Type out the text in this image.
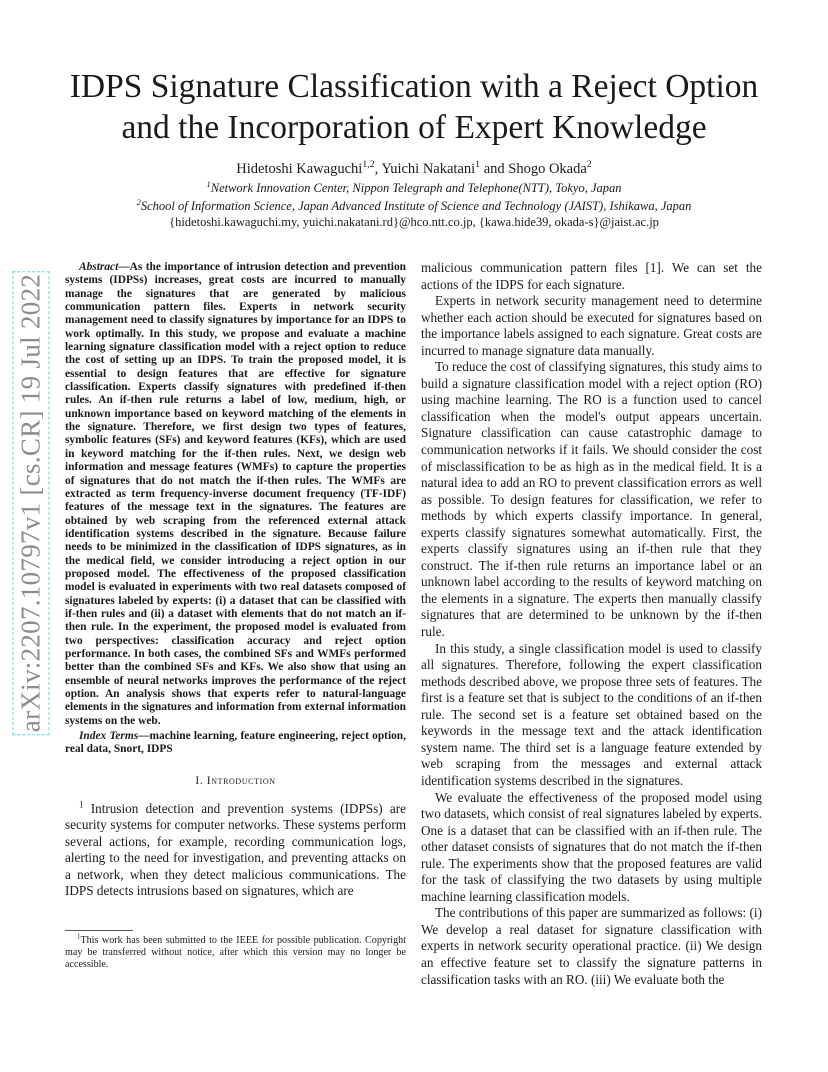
IDPS Signature Classification with a Reject Option
and the Incorporation of Expert Knowledge
Hidetoshi Kawaguchi$^{1,2}$, Yuichi Nakatani$^1$ and Shogo Okada$^2$
$^1$Network Innovation Center, Nippon Telegraph and Telephone(NTT), Tokyo, Japan
$^2$School of Information Science, Japan Advanced Institute of Science and Technology (JAIST), Ishikawa, Japan
{hidetoshi.kawaguchi.my, yuichi.nakatani.rd}@hco.ntt.co.jp, {kawa.hide39, okada-s}@jaist.ac.jp
arXiv:2207.10797v1 [cs.CR] 19 Jul 2022

Abstract—As the importance of intrusion detection and prevention systems (IDPSs) increases, great costs are incurred to manually manage the signatures that are generated by malicious communication pattern files. Experts in network security management need to classify signatures by importance for an IDPS to work optimally. In this study, we propose and evaluate a machine learning signature classification model with a reject option to reduce the cost of setting up an IDPS. To train the proposed model, it is essential to design features that are effective for signature classification. Experts classify signatures with predefined if-then rules. An if-then rule returns a label of low, medium, high, or unknown importance based on keyword matching of the elements in the signature. Therefore, we first design two types of features, symbolic features (SFs) and keyword features (KFs), which are used in keyword matching for the if-then rules. Next, we design web information and message features (WMFs) to capture the properties of signatures that do not match the if-then rules. The WMFs are extracted as term frequency-inverse document frequency (TF-IDF) features of the message text in the signatures. The features are obtained by web scraping from the referenced external attack identification systems described in the signature. Because failure needs to be minimized in the classification of IDPS signatures, as in the medical field, we consider introducing a reject option in our proposed model. The effectiveness of the proposed classification model is evaluated in experiments with two real datasets composed of signatures labeled by experts: (i) a dataset that can be classified with if-then rules and (ii) a dataset with elements that do not match an if-then rule. In the experiment, the proposed model is evaluated from two perspectives: classification accuracy and reject option performance. In both cases, the combined SFs and WMFs performed better than the combined SFs and KFs. We also show that using an ensemble of neural networks improves the performance of the reject option. An analysis shows that experts refer to natural-language elements in the signatures and information from external information systems on the web.

Index Terms—machine learning, feature engineering, reject option, real data, Snort, IDPS

I. Introduction

$^1$ Intrusion detection and prevention systems (IDPSs) are security systems for computer networks. These systems perform several actions, for example, recording communication logs, alerting to the need for investigation, and preventing attacks on a network, when they detect malicious communications. The IDPS detects intrusions based on signatures, which are

$^1$This work has been submitted to the IEEE for possible publication. Copyright may be transferred without notice, after which this version may no longer be accessible.

malicious communication pattern files [1]. We can set the actions of the IDPS for each signature.

Experts in network security management need to determine whether each action should be executed for signatures based on the importance labels assigned to each signature. Great costs are incurred to manage signature data manually.

To reduce the cost of classifying signatures, this study aims to build a signature classification model with a reject option (RO) using machine learning. The RO is a function used to cancel classification when the model's output appears uncertain. Signature classification can cause catastrophic damage to communication networks if it fails. We should consider the cost of misclassification to be as high as in the medical field. It is a natural idea to add an RO to prevent classification errors as well as possible. To design features for classification, we refer to methods by which experts classify importance. In general, experts classify signatures somewhat automatically. First, the experts classify signatures using an if-then rule that they construct. The if-then rule returns an importance label or an unknown label according to the results of keyword matching on the elements in a signature. The experts then manually classify signatures that are determined to be unknown by the if-then rule.

In this study, a single classification model is used to classify all signatures. Therefore, following the expert classification methods described above, we propose three sets of features. The first is a feature set that is subject to the conditions of an if-then rule. The second set is a feature set obtained based on the keywords in the message text and the attack identification system name. The third set is a language feature extended by web scraping from the messages and external attack identification systems described in the signatures.

We evaluate the effectiveness of the proposed model using two datasets, which consist of real signatures labeled by experts. One is a dataset that can be classified with an if-then rule. The other dataset consists of signatures that do not match the if-then rule. The experiments show that the proposed features are valid for the task of classifying the two datasets by using multiple machine learning classification models.

The contributions of this paper are summarized as follows: (i) We develop a real dataset for signature classification with experts in network security operational practice. (ii) We design an effective feature set to classify the signature patterns in classification tasks with an RO. (iii) We evaluate both the
